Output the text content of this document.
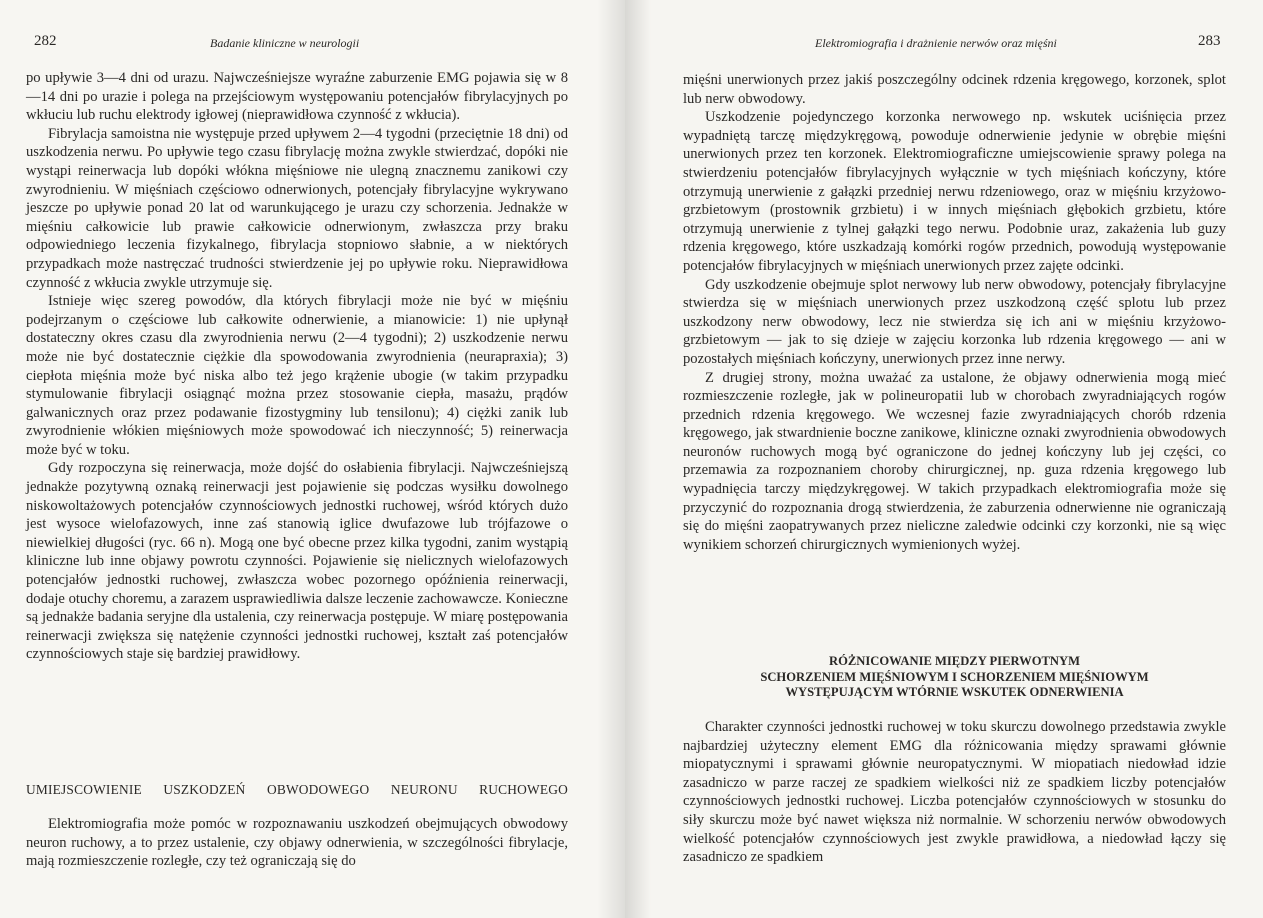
282	Badanie kliniczne w neurologii	Elektromiografia i drażnienie nerwów oraz mięśni	283

po upływie 3—4 dni od urazu. Najwcześniejsze wyraźne zaburzenie EMG pojawia się w 8—14 dni po urazie i polega na przejściowym występowaniu potencjałów fibrylacyjnych po wkłuciu lub ruchu elektrody igłowej (nieprawidłowa czynność z wkłucia).

Fibrylacja samoistna nie występuje przed upływem 2—4 tygodni (przeciętnie 18 dni) od uszkodzenia nerwu. Po upływie tego czasu fibrylację można zwykle stwierdzać, dopóki nie wystąpi reinerwacja lub dopóki włókna mięśniowe nie ulegną znacznemu zanikowi czy zwyrodnieniu. W mięśniach częściowo odnerwionych, potencjały fibrylacyjne wykrywano jeszcze po upływie ponad 20 lat od warunkującego je urazu czy schorzenia. Jednakże w mięśniu całkowicie lub prawie całkowicie odnerwionym, zwłaszcza przy braku odpowiedniego leczenia fizykalnego, fibrylacja stopniowo słabnie, a w niektórych przypadkach może nastręczać trudności stwierdzenie jej po upływie roku. Nieprawidłowa czynność z wkłucia zwykle utrzymuje się.

Istnieje więc szereg powodów, dla których fibrylacji może nie być w mięśniu podejrzanym o częściowe lub całkowite odnerwienie, a mianowicie: 1) nie upłynął dostateczny okres czasu dla zwyrodnienia nerwu (2—4 tygodni); 2) uszkodzenie nerwu może nie być dostatecznie ciężkie dla spowodowania zwyrodnienia (neurapraxia); 3) ciepłota mięśnia może być niska albo też jego krążenie ubogie (w takim przypadku stymulowanie fibrylacji osiągnąć można przez stosowanie ciepła, masażu, prądów galwanicznych oraz przez podawanie fizostygminy lub tensilonu); 4) ciężki zanik lub zwyrodnienie włókien mięśniowych może spowodować ich nieczynność; 5) reinerwacja może być w toku.

Gdy rozpoczyna się reinerwacja, może dojść do osłabienia fibrylacji. Najwcześniejszą jednakże pozytywną oznaką reinerwacji jest pojawienie się podczas wysiłku dowolnego niskowoltażowych potencjałów czynnościowych jednostki ruchowej, wśród których dużo jest wysoce wielofazowych, inne zaś stanowią iglice dwufazowe lub trójfazowe o niewielkiej długości (ryc. 66 n). Mogą one być obecne przez kilka tygodni, zanim wystąpią kliniczne lub inne objawy powrotu czynności. Pojawienie się nielicznych wielofazowych potencjałów jednostki ruchowej, zwłaszcza wobec pozornego opóźnienia reinerwacji, dodaje otuchy choremu, a zarazem usprawiedliwia dalsze leczenie zachowawcze. Konieczne są jednakże badania seryjne dla ustalenia, czy reinerwacja postępuje. W miarę postępowania reinerwacji zwiększa się natężenie czynności jednostki ruchowej, kształt zaś potencjałów czynnościowych staje się bardziej prawidłowy.

UMIEJSCOWIENIE USZKODZEŃ OBWODOWEGO NEURONU RUCHOWEGO

Elektromiografia może pomóc w rozpoznawaniu uszkodzeń obejmujących obwodowy neuron ruchowy, a to przez ustalenie, czy objawy odnerwienia, w szczególności fibrylacje, mają rozmieszczenie rozległe, czy też ograniczają się do

mięśni unerwionych przez jakiś poszczególny odcinek rdzenia kręgowego, korzonek, splot lub nerw obwodowy.

Uszkodzenie pojedynczego korzonka nerwowego np. wskutek uciśnięcia przez wypadniętą tarczę międzykręgową, powoduje odnerwienie jedynie w obrębie mięśni unerwionych przez ten korzonek. Elektromiograficzne umiejscowienie sprawy polega na stwierdzeniu potencjałów fibrylacyjnych wyłącznie w tych mięśniach kończyny, które otrzymują unerwienie z gałązki przedniej nerwu rdzeniowego, oraz w mięśniu krzyżowo-grzbietowym (prostownik grzbietu) i w innych mięśniach głębokich grzbietu, które otrzymują unerwienie z tylnej gałązki tego nerwu. Podobnie uraz, zakażenia lub guzy rdzenia kręgowego, które uszkadzają komórki rogów przednich, powodują występowanie potencjałów fibrylacyjnych w mięśniach unerwionych przez zajęte odcinki.

Gdy uszkodzenie obejmuje splot nerwowy lub nerw obwodowy, potencjały fibrylacyjne stwierdza się w mięśniach unerwionych przez uszkodzoną część splotu lub przez uszkodzony nerw obwodowy, lecz nie stwierdza się ich ani w mięśniu krzyżowo-grzbietowym — jak to się dzieje w zajęciu korzonka lub rdzenia kręgowego — ani w pozostałych mięśniach kończyny, unerwionych przez inne nerwy.

Z drugiej strony, można uważać za ustalone, że objawy odnerwienia mogą mieć rozmieszczenie rozległe, jak w polineuropatii lub w chorobach zwyradniających rogów przednich rdzenia kręgowego. We wczesnej fazie zwyradniających chorób rdzenia kręgowego, jak stwardnienie boczne zanikowe, kliniczne oznaki zwyrodnienia obwodowych neuronów ruchowych mogą być ograniczone do jednej kończyny lub jej części, co przemawia za rozpoznaniem choroby chirurgicznej, np. guza rdzenia kręgowego lub wypadnięcia tarczy międzykręgowej. W takich przypadkach elektromiografia może się przyczynić do rozpoznania drogą stwierdzenia, że zaburzenia odnerwienne nie ograniczają się do mięśni zaopatrywanych przez nieliczne zaledwie odcinki czy korzonki, nie są więc wynikiem schorzeń chirurgicznych wymienionych wyżej.

RÓŻNICOWANIE MIĘDZY PIERWOTNYM
SCHORZENIEM MIĘŚNIOWYM I SCHORZENIEM MIĘŚNIOWYM
WYSTĘPUJĄCYM WTÓRNIE WSKUTEK ODNERWIENIA

Charakter czynności jednostki ruchowej w toku skurczu dowolnego przedstawia zwykle najbardziej użyteczny element EMG dla różnicowania między sprawami głównie miopatycznymi i sprawami głównie neuropatycznymi. W miopatiach niedowład idzie zasadniczo w parze raczej ze spadkiem wielkości niż ze spadkiem liczby potencjałów czynnościowych jednostki ruchowej. Liczba potencjałów czynnościowych w stosunku do siły skurczu może być nawet większa niż normalnie. W schorzeniu nerwów obwodowych wielkość potencjałów czynnościowych jest zwykle prawidłowa, a niedowład łączy się zasadniczo ze spadkiem
